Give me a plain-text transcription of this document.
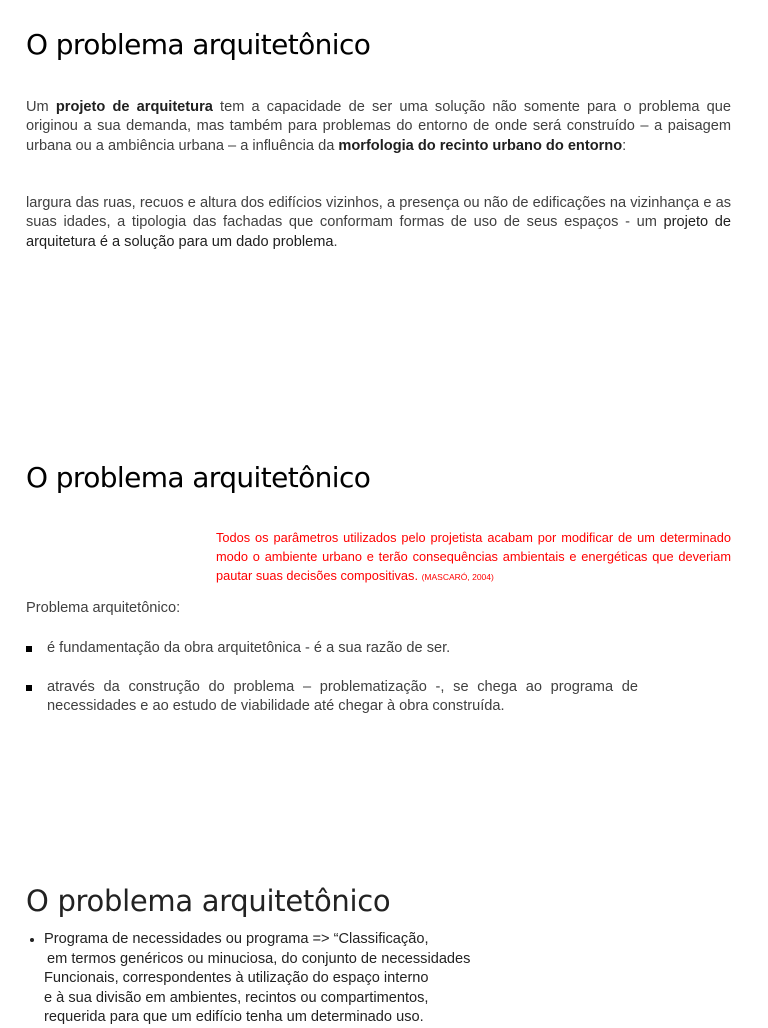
O problema arquitetônico

Um projeto de arquitetura tem a capacidade de ser uma solução não somente para o problema que originou a sua demanda, mas também para problemas do entorno de onde será construído – a paisagem urbana ou a ambiência urbana – a influência da morfologia do recinto urbano do entorno:

largura das ruas, recuos e altura dos edifícios vizinhos, a presença ou não de edificações na vizinhança e as suas idades, a tipologia das fachadas que conformam formas de uso de seus espaços - um projeto de arquitetura é a solução para um dado problema.

O problema arquitetônico

Todos os parâmetros utilizados pelo projetista acabam por modificar de um determinado modo o ambiente urbano e terão consequências ambientais e energéticas que deveriam pautar suas decisões compositivas. (MASCARÓ, 2004)

Problema arquitetônico:

é fundamentação da obra arquitetônica - é a sua razão de ser.
através da construção do problema – problematização -, se chega ao programa de necessidades e ao estudo de viabilidade até chegar à obra construída.
O problema arquitetônico
Programa de necessidades ou programa => “Classificação,
em termos genéricos ou minuciosa, do conjunto de necessidades
Funcionais, correspondentes à utilização do espaço interno
e à sua divisão em ambientes, recintos ou compartimentos,
requerida para que um edifício tenha um determinado uso.
